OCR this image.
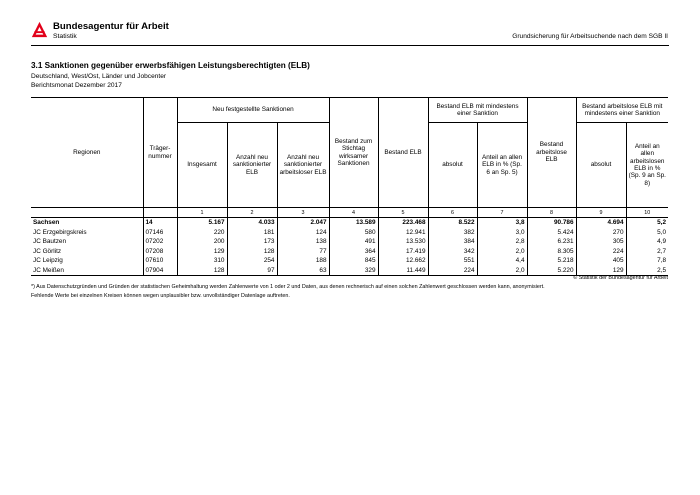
Bundesagentur für Arbeit
Statistik	Grundsicherung für Arbeitsuchende nach dem SGB II
3.1 Sanktionen gegenüber erwerbsfähigen Leistungsberechtigten (ELB)
Deutschland, West/Ost, Länder und Jobcenter
Berichtsmonat Dezember 2017
Regionen	Träger-nummer	Neu festgestellte Sanktionen			Bestand zum Stichtag wirksamer Sanktionen	Bestand ELB	Bestand ELB mit mindestens einer Sanktion		Bestand arbeitslose ELB	Bestand arbeitslose ELB mit mindestens einer Sanktion	
		Insgesamt	Anzahl neu sanktionierter ELB	Anzahl neu sanktionierter arbeitsloser ELB			absolut	Anteil an allen ELB in % (Sp. 6 an Sp. 5)		absolut	Anteil an allen arbeitslosen ELB in % (Sp. 9 an Sp. 8)
		1	2	3	4	5	6	7	8	9	10
Sachsen	14	5.167	4.033	2.047	13.589	223.468	8.522	3,8	90.786	4.694	5,2
JC Erzgebirgskreis	07146	220	181	124	580	12.941	382	3,0	5.424	270	5,0
JC Bautzen	07202	200	173	138	491	13.530	384	2,8	6.231	305	4,9
JC Görlitz	07208	129	128	77	364	17.419	342	2,0	8.305	224	2,7
JC Leipzig	07610	310	254	188	845	12.662	551	4,4	5.218	405	7,8
JC Meißen	07904	128	97	63	329	11.449	224	2,0	5.220	129	2,5
© Statistik der Bundesagentur für Arbeit
*) Aus Datenschutzgründen und Gründen der statistischen Geheimhaltung werden Zahlenwerte von 1 oder 2 und Daten, aus denen rechnerisch auf einen solchen Zahlenwert geschlossen werden kann, anonymisiert.
Fehlende Werte bei einzelnen Kreisen können wegen unplausibler bzw. unvollständiger Datenlage auftreten.
